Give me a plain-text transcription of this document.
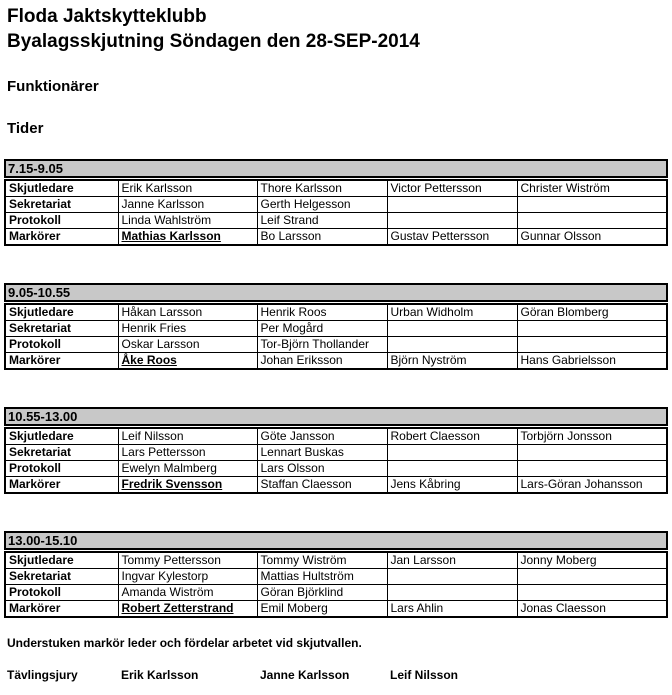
Floda Jaktskytteklubb
Byalagsskjutning Söndagen den 28-SEP-2014
Funktionärer
Tider
7.15-9.05
Skjutledare	Erik Karlsson	Thore Karlsson	Victor Pettersson	Christer Wiström
Sekretariat	Janne Karlsson	Gerth Helgesson		
Protokoll	Linda Wahlström	Leif Strand		
Markörer	Mathias Karlsson	Bo Larsson	Gustav Pettersson	Gunnar Olsson
9.05-10.55
Skjutledare	Håkan Larsson	Henrik Roos	Urban Widholm	Göran Blomberg
Sekretariat	Henrik Fries	Per Mogård		
Protokoll	Oskar Larsson	Tor-Björn Thollander		
Markörer	Åke Roos	Johan Eriksson	Björn Nyström	Hans Gabrielsson
10.55-13.00
Skjutledare	Leif Nilsson	Göte Jansson	Robert Claesson	Torbjörn Jonsson
Sekretariat	Lars Pettersson	Lennart Buskas		
Protokoll	Ewelyn Malmberg	Lars Olsson		
Markörer	Fredrik Svensson	Staffan Claesson	Jens Kåbring	Lars-Göran Johansson
13.00-15.10
Skjutledare	Tommy Pettersson	Tommy Wiström	Jan Larsson	Jonny Moberg
Sekretariat	Ingvar Kylestorp	Mattias Hultström		
Protokoll	Amanda Wiström	Göran Björklind		
Markörer	Robert Zetterstrand	Emil Moberg	Lars Ahlin	Jonas Claesson
Understuken markör leder och fördelar arbetet vid skjutvallen.
Tävlingsjury	Erik Karlsson	Janne Karlsson	Leif Nilsson
